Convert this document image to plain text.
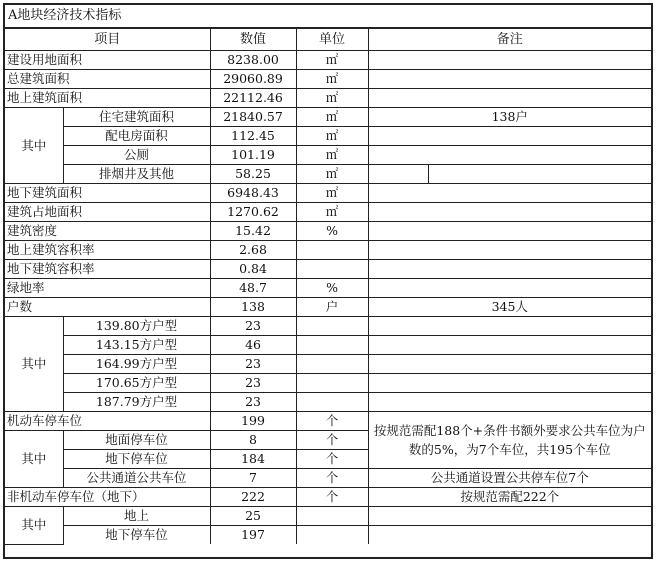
A地块经济技术指标
项目		数值	单位	备注
建设用地面积		8238.00	㎡	
总建筑面积		29060.89	㎡	
地上建筑面积		22112.46	㎡	
其中	住宅建筑面积	21840.57	㎡	138户
	配电房面积	112.45	㎡	
	公厕	101.19	㎡	
	排烟井及其他	58.25	㎡	

地下建筑面积		6948.43	㎡	
建筑占地面积		1270.62	㎡	
建筑密度		15.42	%	
地上建筑容积率		2.68		
地下建筑容积率		0.84		
绿地率		48.7	%	
户数		138	户	345人
其中	139.80方户型	23		
	143.15方户型	46		
	164.99方户型	23		
	170.65方户型	23		
	187.79方户型	23		
机动车停车位		199	个	按规范需配188个+条件书额外要求公共车位为户数的5%，为7个车位，共195个车位
其中	地面停车位	8	个	
	地下停车位	184	个	
	公共通道公共车位	7	个	公共通道设置公共停车位7个
非机动车停车位（地下）		222	个	按规范需配222个
其中	地上	25		
	地下停车位	197		
